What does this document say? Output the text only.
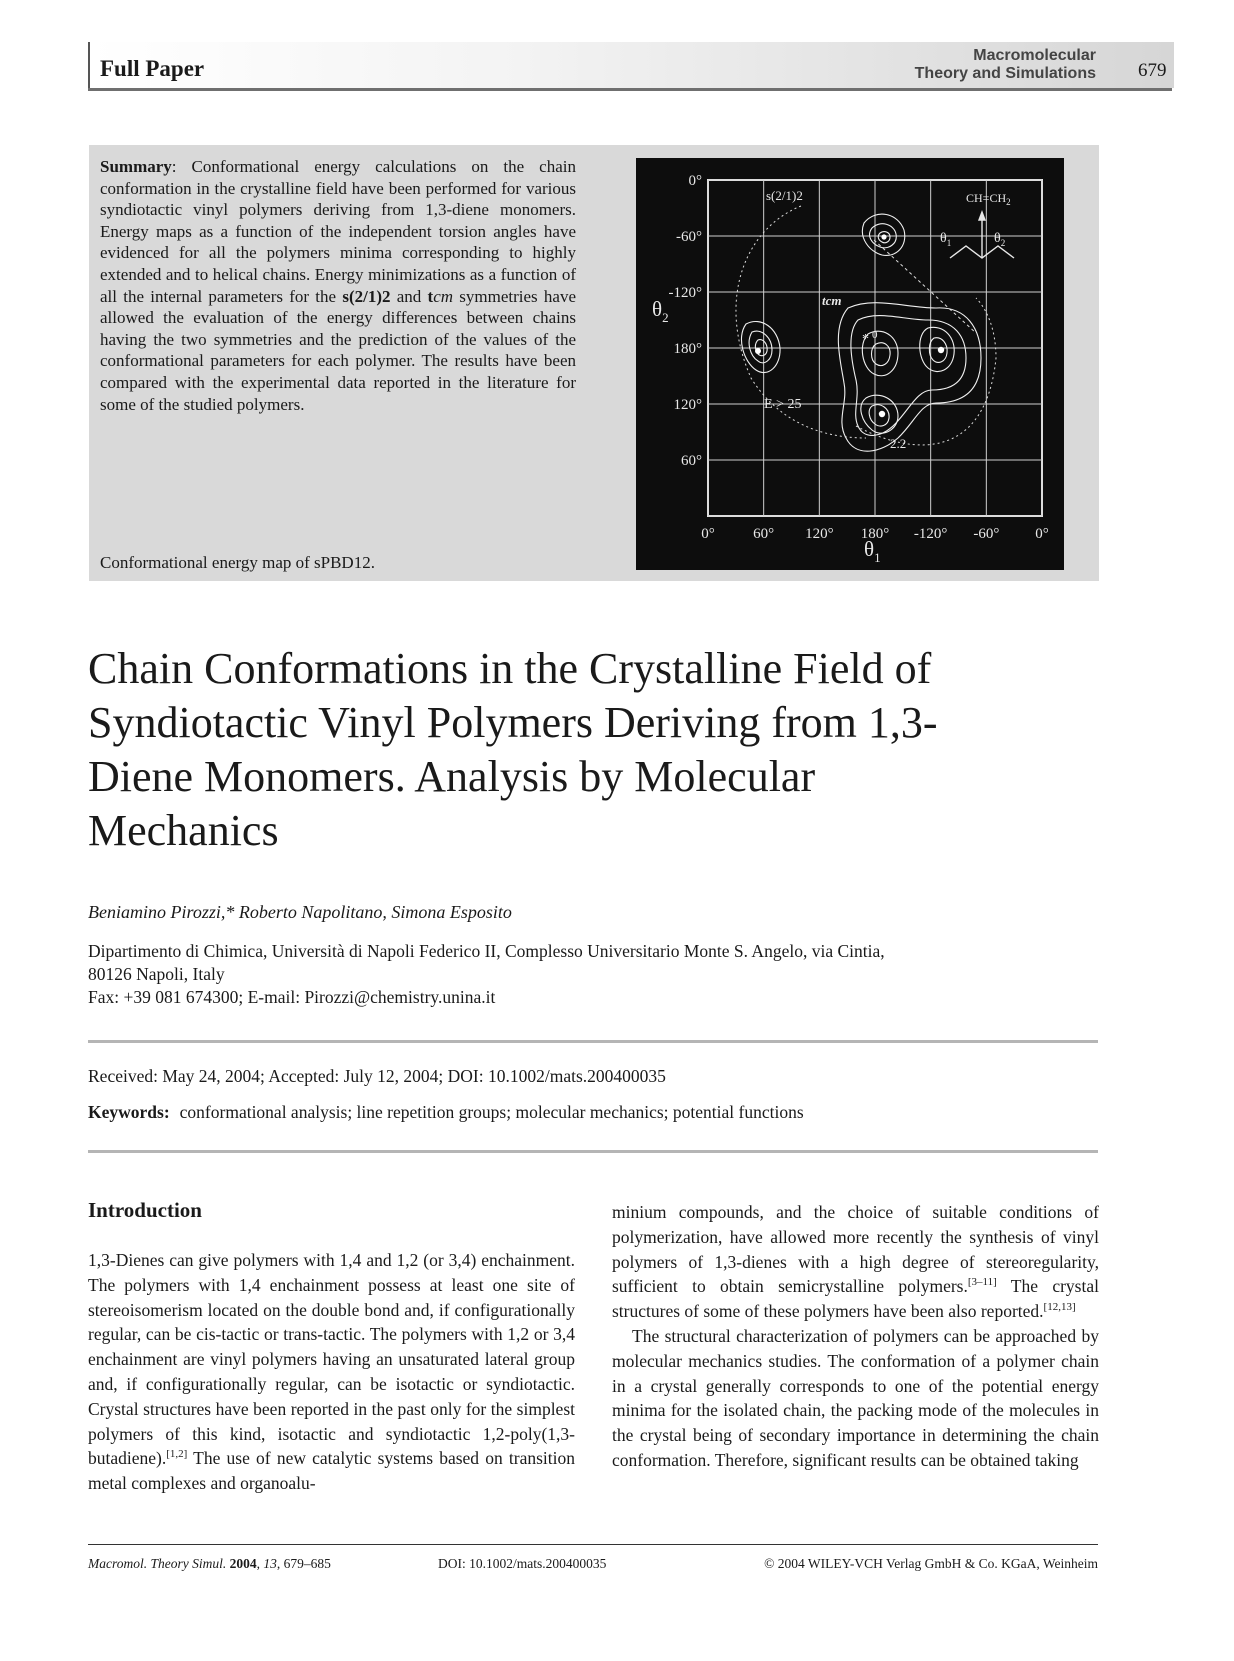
Full Paper
Macromolecular
Theory and Simulations 679
Summary: Conformational energy calculations on the chain conformation in the crystalline field have been performed for various syndiotactic vinyl polymers deriving from 1,3-diene monomers. Energy maps as a function of the independent torsion angles have evidenced for all the polymers minima corresponding to highly extended and to helical chains. Energy minimizations as a function of all the internal parameters for the s(2/1)2 and tcm symmetries have allowed the evaluation of the energy differences between chains having the two symmetries and the prediction of the values of the conformational parameters for each polymer. The results have been compared with the experimental data reported in the literature for some of the studied polymers.
Conformational energy map of sPBD12.
0°
-60°
-120°
180°
120°
60°
0°	60° 120° 180° -120° -60° 0°
$\theta_2$
$\theta_1$
s(2/1)2
tcm
* 0
E > 25
2.2
$CH=CH_2$
$\theta_1$	$\theta_2$
Chain Conformations in the Crystalline Field of Syndiotactic Vinyl Polymers Deriving from 1,3-Diene Monomers. Analysis by Molecular Mechanics
Beniamino Pirozzi,* Roberto Napolitano, Simona Esposito
Dipartimento di Chimica, Università di Napoli Federico II, Complesso Universitario Monte S. Angelo, via Cintia,
80126 Napoli, Italy
Fax: +39 081 674300; E-mail: Pirozzi@chemistry.unina.it
Received: May 24, 2004; Accepted: July 12, 2004; DOI: 10.1002/mats.200400035
Keywords: conformational analysis; line repetition groups; molecular mechanics; potential functions
Introduction

1,3-Dienes can give polymers with 1,4 and 1,2 (or 3,4) enchainment. The polymers with 1,4 enchainment possess at least one site of stereoisomerism located on the double bond and, if configurationally regular, can be cis-tactic or trans-tactic. The polymers with 1,2 or 3,4 enchainment are vinyl polymers having an unsaturated lateral group and, if configurationally regular, can be isotactic or syndiotactic. Crystal structures have been reported in the past only for the simplest polymers of this kind, isotactic and syndiotactic 1,2-poly(1,3-butadiene).[1,2] The use of new catalytic systems based on transition metal complexes and organoalu-

minium compounds, and the choice of suitable conditions of polymerization, have allowed more recently the synthesis of vinyl polymers of 1,3-dienes with a high degree of stereoregularity, sufficient to obtain semicrystalline polymers.[3–11] The crystal structures of some of these polymers have been also reported.[12,13]

The structural characterization of polymers can be approached by molecular mechanics studies. The conformation of a polymer chain in a crystal generally corresponds to one of the potential energy minima for the isolated chain, the packing mode of the molecules in the crystal being of secondary importance in determining the chain conformation. Therefore, significant results can be obtained taking

Macromol. Theory Simul. 2004, 13, 679–685	DOI: 10.1002/mats.200400035	© 2004 WILEY-VCH Verlag GmbH & Co. KGaA, Weinheim
